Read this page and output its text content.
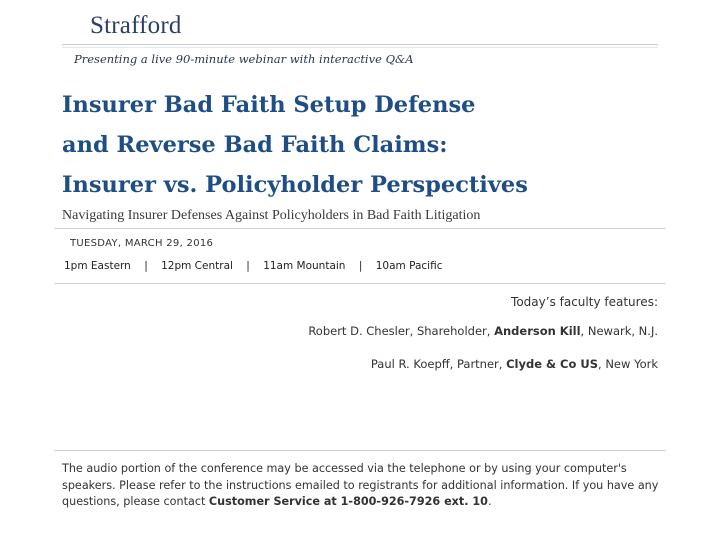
Strafford
Presenting a live 90-minute webinar with interactive Q&A
Insurer Bad Faith Setup Defense
and Reverse Bad Faith Claims:
Insurer vs. Policyholder Perspectives
Navigating Insurer Defenses Against Policyholders in Bad Faith Litigation
TUESDAY, MARCH 29, 2016
1pm Eastern | 12pm Central | 11am Mountain | 10am Pacific
Today’s faculty features:
Robert D. Chesler, Shareholder, Anderson Kill, Newark, N.J.
Paul R. Koepff, Partner, Clyde & Co US, New York
The audio portion of the conference may be accessed via the telephone or by using your computer's speakers. Please refer to the instructions emailed to registrants for additional information. If you have any questions, please contact Customer Service at 1-800-926-7926 ext. 10.
